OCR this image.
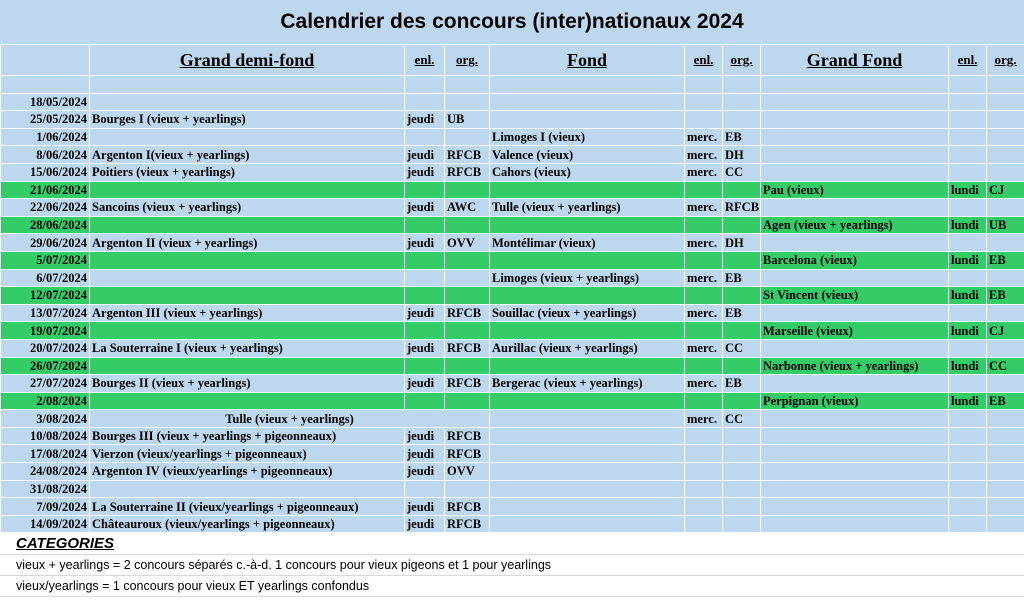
Calendrier des concours (inter)nationaux 2024
	Grand demi-fond	enl.	org.	Fond	enl.	org.	Grand Fond	enl.	org.

18/05/2024									
25/05/2024	Bourges I (vieux + yearlings)	jeudi	UB						
1/06/2024				Limoges I (vieux)	merc.	EB			
8/06/2024	Argenton I(vieux + yearlings)	jeudi	RFCB	Valence (vieux)	merc.	DH			
15/06/2024	Poitiers (vieux + yearlings)	jeudi	RFCB	Cahors (vieux)	merc.	CC			
21/06/2024							Pau (vieux)	lundi	CJ
22/06/2024	Sancoins (vieux + yearlings)	jeudi	AWC	Tulle (vieux + yearlings)	merc.	RFCB			
28/06/2024							Agen (vieux + yearlings)	lundi	UB
29/06/2024	Argenton II (vieux + yearlings)	jeudi	OVV	Montélimar (vieux)	merc.	DH			
5/07/2024							Barcelona (vieux)	lundi	EB
6/07/2024				Limoges (vieux + yearlings)	merc.	EB			
12/07/2024							St Vincent (vieux)	lundi	EB
13/07/2024	Argenton III (vieux + yearlings)	jeudi	RFCB	Souillac (vieux + yearlings)	merc.	EB			
19/07/2024							Marseille (vieux)	lundi	CJ
20/07/2024	La Souterraine I (vieux + yearlings)	jeudi	RFCB	Aurillac (vieux + yearlings)	merc.	CC			
26/07/2024							Narbonne (vieux + yearlings)	lundi	CC
27/07/2024	Bourges II (vieux + yearlings)	jeudi	RFCB	Bergerac (vieux + yearlings)	merc.	EB			
2/08/2024							Perpignan (vieux)	lundi	EB
3/08/2024	Tulle (vieux + yearlings)				merc.	CC			
10/08/2024	Bourges III (vieux + yearlings + pigeonneaux)	jeudi	RFCB						
17/08/2024	Vierzon (vieux/yearlings + pigeonneaux)	jeudi	RFCB						
24/08/2024	Argenton IV (vieux/yearlings + pigeonneaux)	jeudi	OVV						
31/08/2024									
7/09/2024	La Souterraine II (vieux/yearlings + pigeonneaux)	jeudi	RFCB						
14/09/2024	Châteauroux (vieux/yearlings + pigeonneaux)	jeudi	RFCB						
CATEGORIES
vieux + yearlings = 2 concours séparés c.-à-d. 1 concours pour vieux pigeons et 1 pour yearlings
vieux/yearlings = 1 concours pour vieux ET yearlings confondus
